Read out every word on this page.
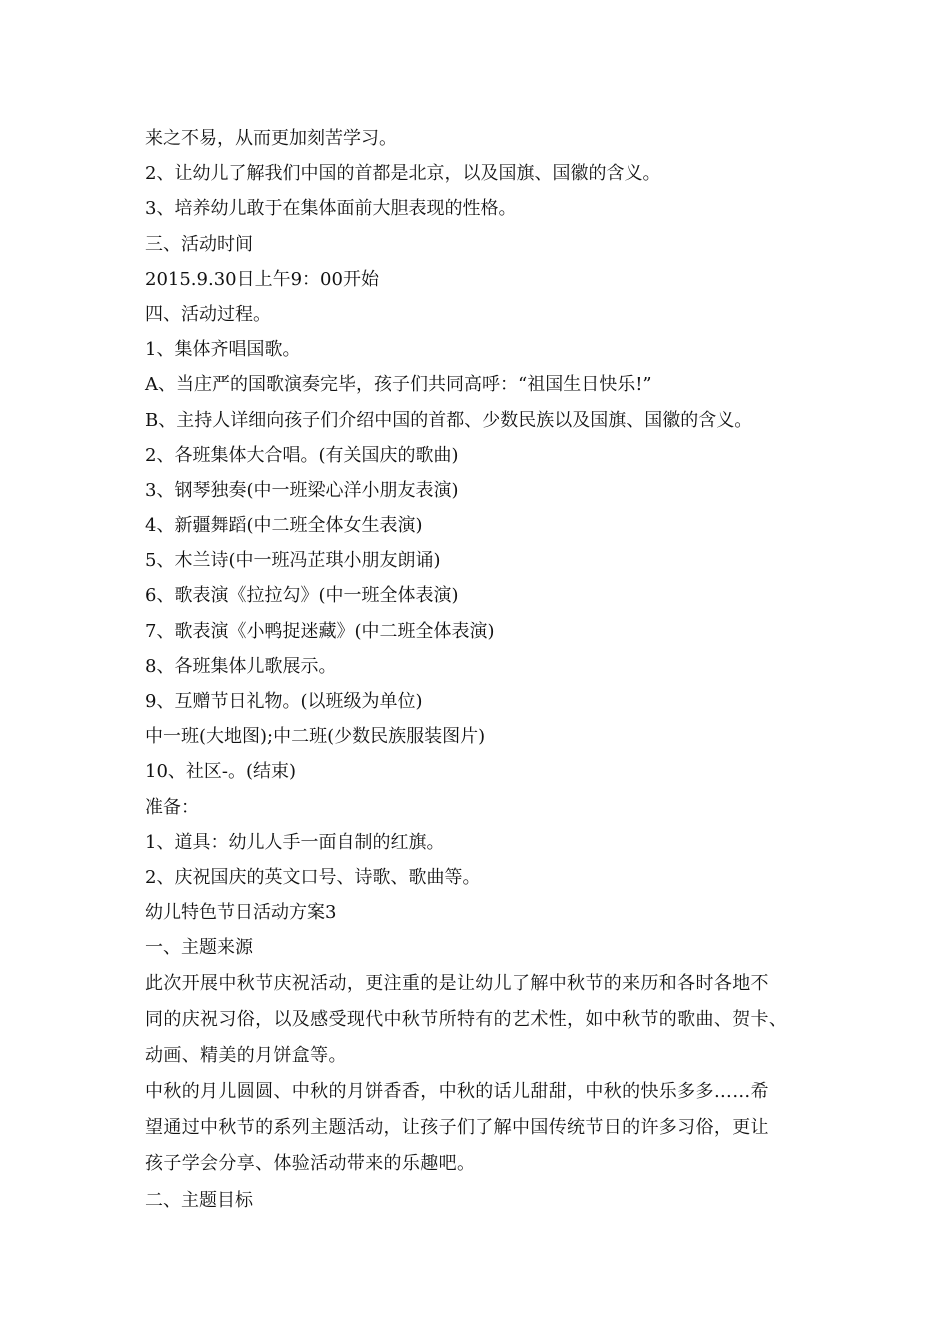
来之不易，从而更加刻苦学习。
2、让幼儿了解我们中国的首都是北京，以及国旗、国徽的含义。
3、培养幼儿敢于在集体面前大胆表现的性格。
三、活动时间
2015.9.30日上午9：00开始
四、活动过程。
1、集体齐唱国歌。
A、当庄严的国歌演奏完毕，孩子们共同高呼：“祖国生日快乐!”
B、主持人详细向孩子们介绍中国的首都、少数民族以及国旗、国徽的含义。
2、各班集体大合唱。(有关国庆的歌曲)
3、钢琴独奏(中一班梁心洋小朋友表演)
4、新疆舞蹈(中二班全体女生表演)
5、木兰诗(中一班冯芷琪小朋友朗诵)
6、歌表演《拉拉勾》(中一班全体表演)
7、歌表演《小鸭捉迷藏》(中二班全体表演)
8、各班集体儿歌展示。
9、互赠节日礼物。(以班级为单位)
中一班(大地图);中二班(少数民族服装图片)
10、社区-。(结束)
准备：
1、道具：幼儿人手一面自制的红旗。
2、庆祝国庆的英文口号、诗歌、歌曲等。
幼儿特色节日活动方案3
一、主题来源
此次开展中秋节庆祝活动，更注重的是让幼儿了解中秋节的来历和各时各地不
同的庆祝习俗，以及感受现代中秋节所特有的艺术性，如中秋节的歌曲、贺卡、
动画、精美的月饼盒等。
中秋的月儿圆圆、中秋的月饼香香，中秋的话儿甜甜，中秋的快乐多多……希
望通过中秋节的系列主题活动，让孩子们了解中国传统节日的许多习俗，更让
孩子学会分享、体验活动带来的乐趣吧。
二、主题目标
